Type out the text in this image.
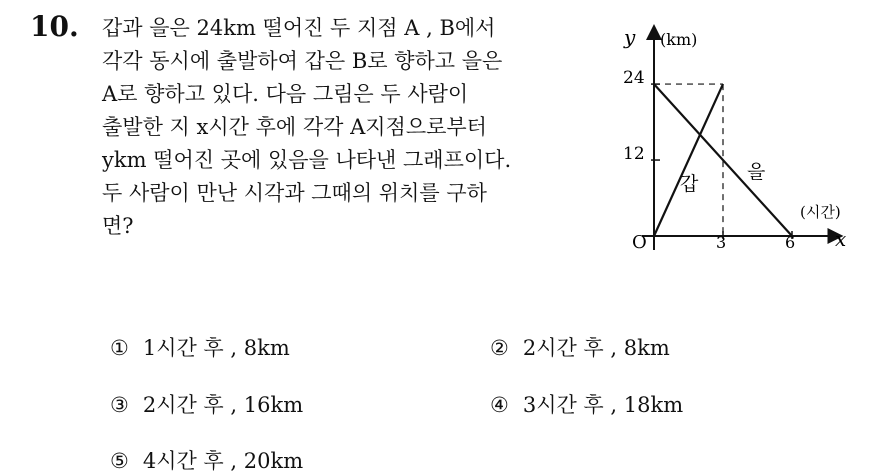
10. 갑과 을은 24km 떨어진 두 지점 A , B에서
각각 동시에 출발하여 갑은 B로 향하고 을은
A로 향하고 있다. 다음 그림은 두 사람이
출발한 지 x시간 후에 각각 A지점으로부터
ykm 떨어진 곳에 있음을 나타낸 그래프이다.
두 사람이 만난 시각과 그때의 위치를 구하
면?
y (km)
x
(시간)
O	3	6
24
12
갑
을
① 1시간 후 , 8km	② 2시간 후 , 8km
③ 2시간 후 , 16km	④ 3시간 후 , 18km
⑤ 4시간 후 , 20km
